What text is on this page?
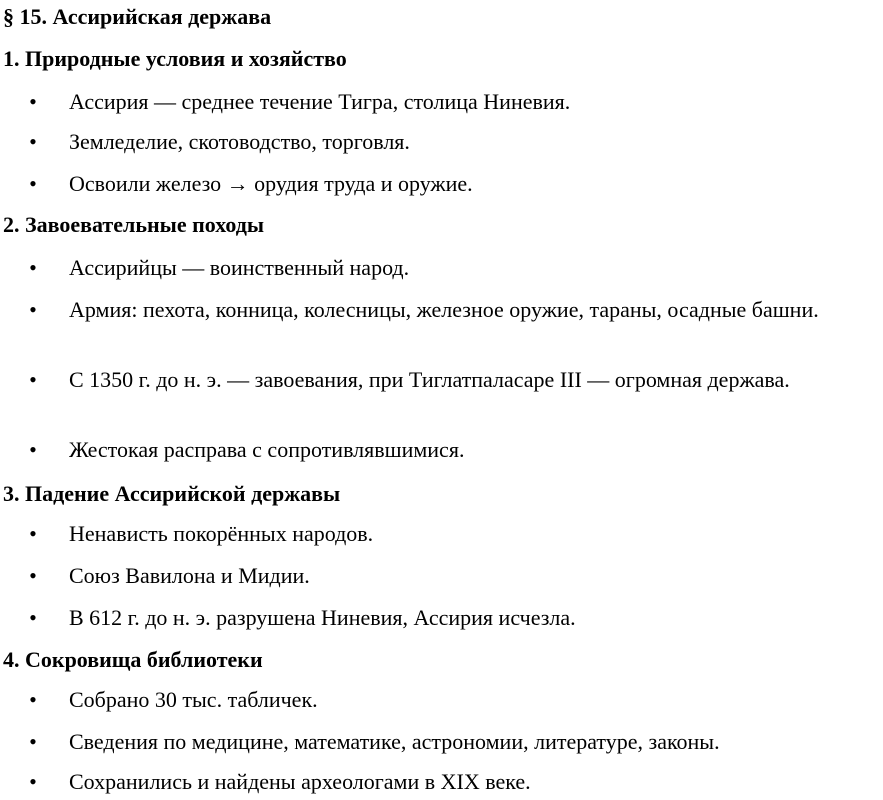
§ 15. Ассирийская держава
1. Природные условия и хозяйство
• Ассирия — среднее течение Тигра, столица Ниневия.
• Земледелие, скотоводство, торговля.
• Освоили железо → орудия труда и оружие.
2. Завоевательные походы
• Ассирийцы — воинственный народ.
• Армия: пехота, конница, колесницы, железное оружие, тараны, осадные башни.
• С 1350 г. до н. э. — завоевания, при Тиглатпаласаре III — огромная держава.
• Жестокая расправа с сопротивлявшимися.
3. Падение Ассирийской державы
• Ненависть покорённых народов.
• Союз Вавилона и Мидии.
• В 612 г. до н. э. разрушена Ниневия, Ассирия исчезла.
4. Сокровища библиотеки
• Собрано 30 тыс. табличек.
• Сведения по медицине, математике, астрономии, литературе, законы.
• Сохранились и найдены археологами в XIX веке.
